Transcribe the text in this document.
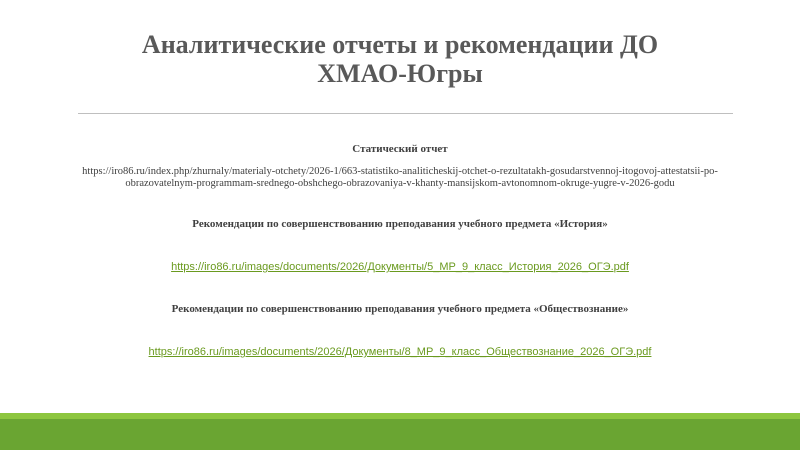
Аналитические отчеты и рекомендации ДО
ХМАО-Югры
Статический отчет
https://iro86.ru/index.php/zhurnaly/materialy-otchety/2026-1/663-statistiko-analiticheskij-otchet-o-rezultatakh-gosudarstvennoj-itogovoj-attestatsii-po-
obrazovatelnym-programmam-srednego-obshchego-obrazovaniya-v-khanty-mansijskom-avtonomnom-okruge-yugre-v-2026-godu
Рекомендации по совершенствованию преподавания учебного предмета «История»
https://iro86.ru/images/documents/2026/Документы/5_MP_9_класс_История_2026_ОГЭ.pdf
Рекомендации по совершенствованию преподавания учебного предмета «Обществознание»
https://iro86.ru/images/documents/2026/Документы/8_MP_9_класс_Обществознание_2026_ОГЭ.pdf
